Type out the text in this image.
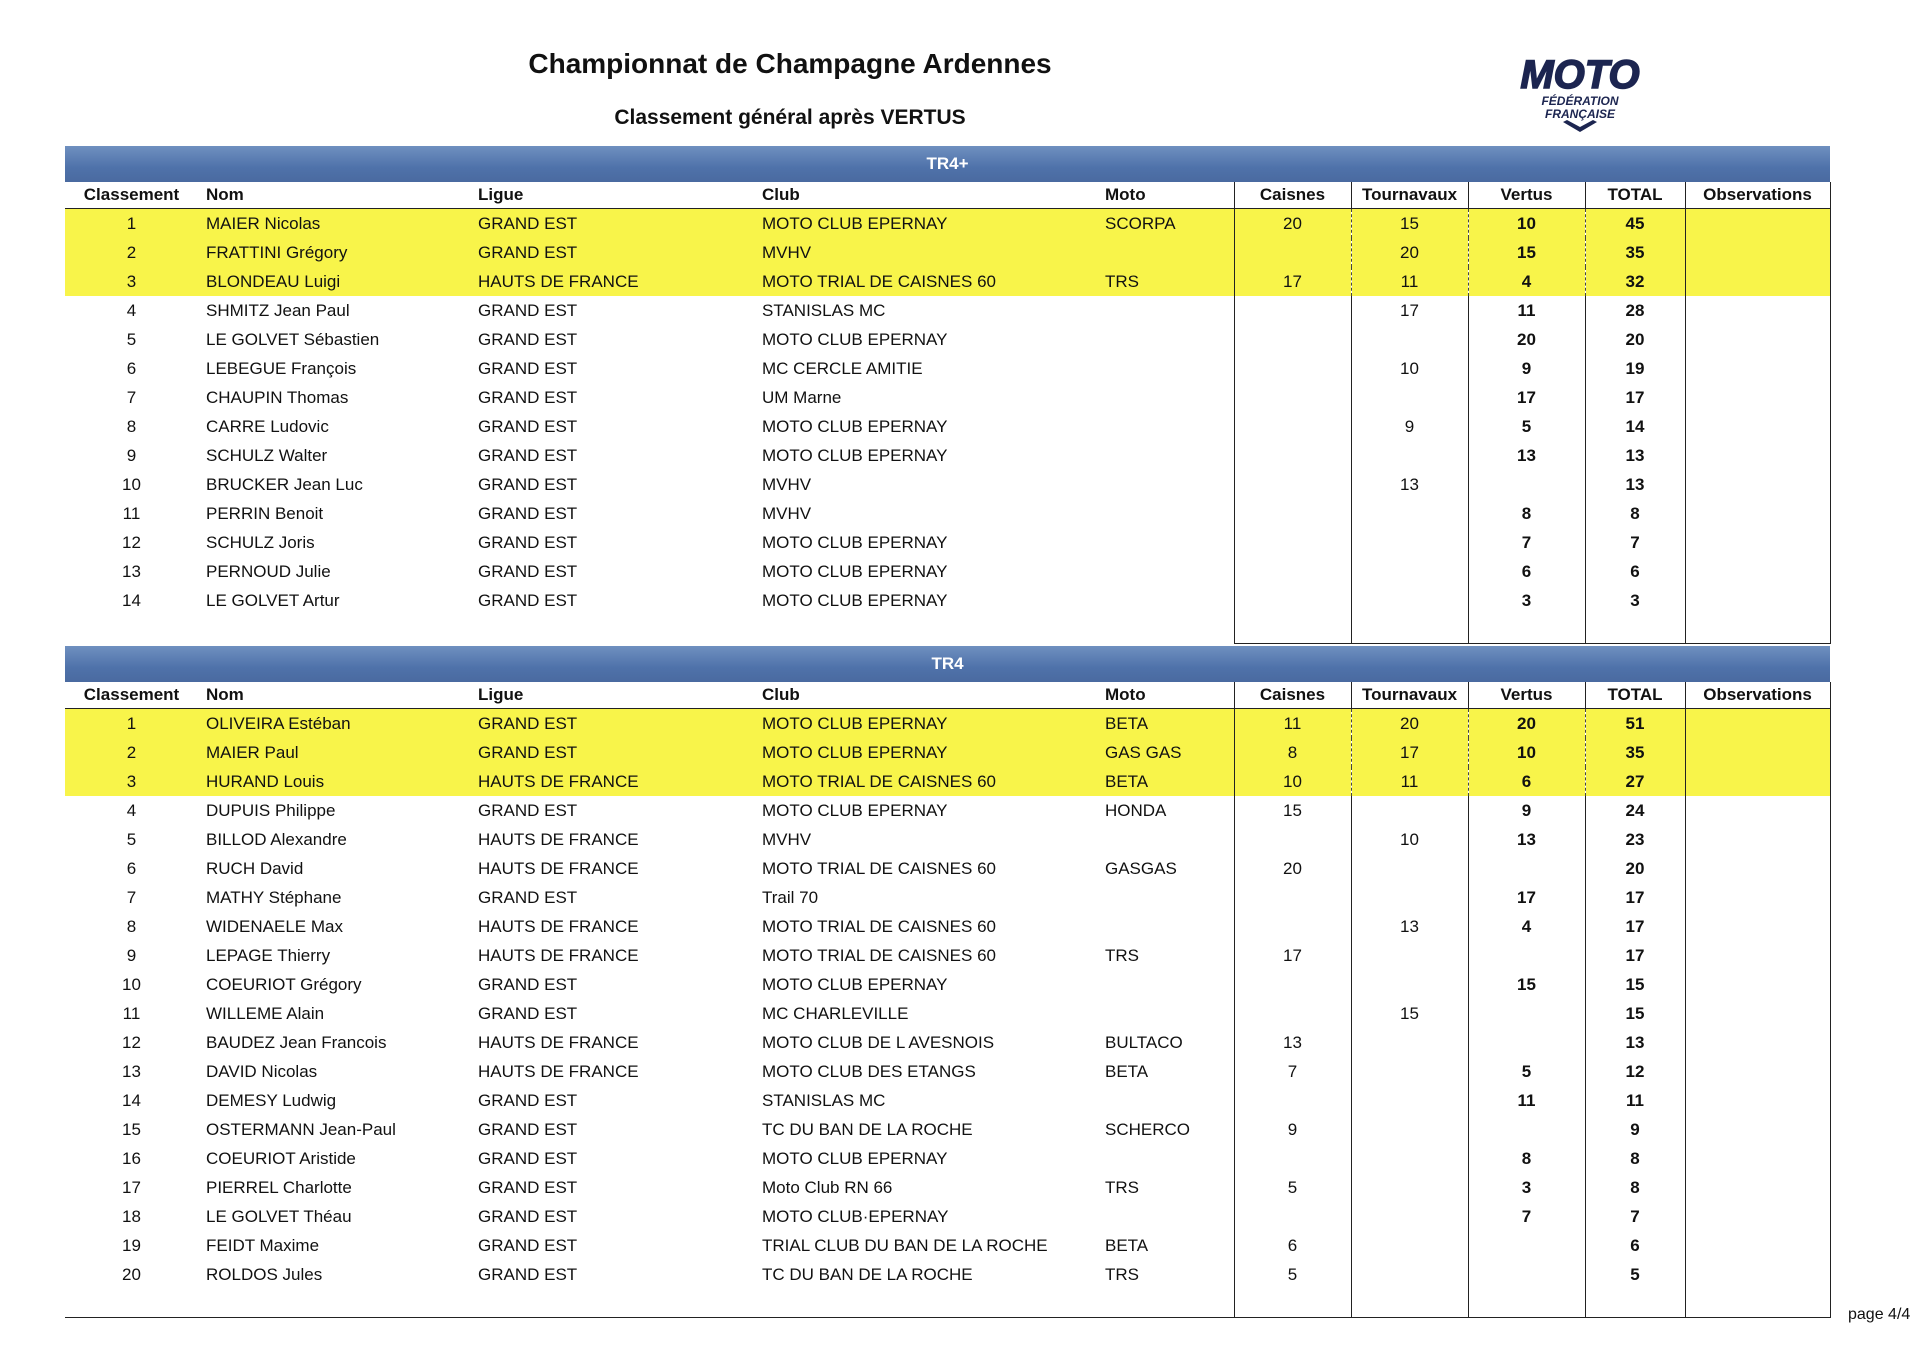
Championnat de Champagne Ardennes
Classement général après VERTUS
MOTO
FÉDÉRATION
FRANÇAISE
TR4+									
Classement	Nom	Ligue	Club	Moto	Caisnes	Tournavaux	Vertus	TOTAL	Observations
1	MAIER Nicolas	GRAND EST	MOTO CLUB EPERNAY	SCORPA	20	15	10	45	
2	FRATTINI Grégory	GRAND EST	MVHV			20	15	35	
3	BLONDEAU Luigi	HAUTS DE FRANCE	MOTO TRIAL DE CAISNES 60	TRS	17	11	4	32	
4	SHMITZ Jean Paul	GRAND EST	STANISLAS MC			17	11	28	
5	LE GOLVET Sébastien	GRAND EST	MOTO CLUB EPERNAY				20	20	
6	LEBEGUE François	GRAND EST	MC CERCLE AMITIE			10	9	19	
7	CHAUPIN Thomas	GRAND EST	UM Marne				17	17	
8	CARRE Ludovic	GRAND EST	MOTO CLUB EPERNAY			9	5	14	
9	SCHULZ Walter	GRAND EST	MOTO CLUB EPERNAY				13	13	
10	BRUCKER Jean Luc	GRAND EST	MVHV			13		13	
11	PERRIN Benoit	GRAND EST	MVHV				8	8	
12	SCHULZ Joris	GRAND EST	MOTO CLUB EPERNAY				7	7	
13	PERNOUD Julie	GRAND EST	MOTO CLUB EPERNAY				6	6	
14	LE GOLVET Artur	GRAND EST	MOTO CLUB EPERNAY				3	3	

TR4									
Classement	Nom	Ligue	Club	Moto	Caisnes	Tournavaux	Vertus	TOTAL	Observations
1	OLIVEIRA Estéban	GRAND EST	MOTO CLUB EPERNAY	BETA	11	20	20	51	
2	MAIER Paul	GRAND EST	MOTO CLUB EPERNAY	GAS GAS	8	17	10	35	
3	HURAND Louis	HAUTS DE FRANCE	MOTO TRIAL DE CAISNES 60	BETA	10	11	6	27	
4	DUPUIS Philippe	GRAND EST	MOTO CLUB EPERNAY	HONDA	15		9	24	
5	BILLOD Alexandre	HAUTS DE FRANCE	MVHV			10	13	23	
6	RUCH David	HAUTS DE FRANCE	MOTO TRIAL DE CAISNES 60	GASGAS	20			20	
7	MATHY Stéphane	GRAND EST	Trail 70				17	17	
8	WIDENAELE Max	HAUTS DE FRANCE	MOTO TRIAL DE CAISNES 60			13	4	17	
9	LEPAGE Thierry	HAUTS DE FRANCE	MOTO TRIAL DE CAISNES 60	TRS	17			17	
10	COEURIOT Grégory	GRAND EST	MOTO CLUB EPERNAY				15	15	
11	WILLEME Alain	GRAND EST	MC CHARLEVILLE			15		15	
12	BAUDEZ Jean Francois	HAUTS DE FRANCE	MOTO CLUB DE L AVESNOIS	BULTACO	13			13	
13	DAVID Nicolas	HAUTS DE FRANCE	MOTO CLUB DES ETANGS	BETA	7		5	12	
14	DEMESY Ludwig	GRAND EST	STANISLAS MC				11	11	
15	OSTERMANN Jean-Paul	GRAND EST	TC DU BAN DE LA ROCHE	SCHERCO	9			9	
16	COEURIOT Aristide	GRAND EST	MOTO CLUB EPERNAY				8	8	
17	PIERREL Charlotte	GRAND EST	Moto Club RN 66	TRS	5		3	8	
18	LE GOLVET Théau	GRAND EST	MOTO CLUB·EPERNAY				7	7	
19	FEIDT Maxime	GRAND EST	TRIAL CLUB DU BAN DE LA ROCHE	BETA	6			6	
20	ROLDOS Jules	GRAND EST	TC DU BAN DE LA ROCHE	TRS	5			5	

page 4/4
